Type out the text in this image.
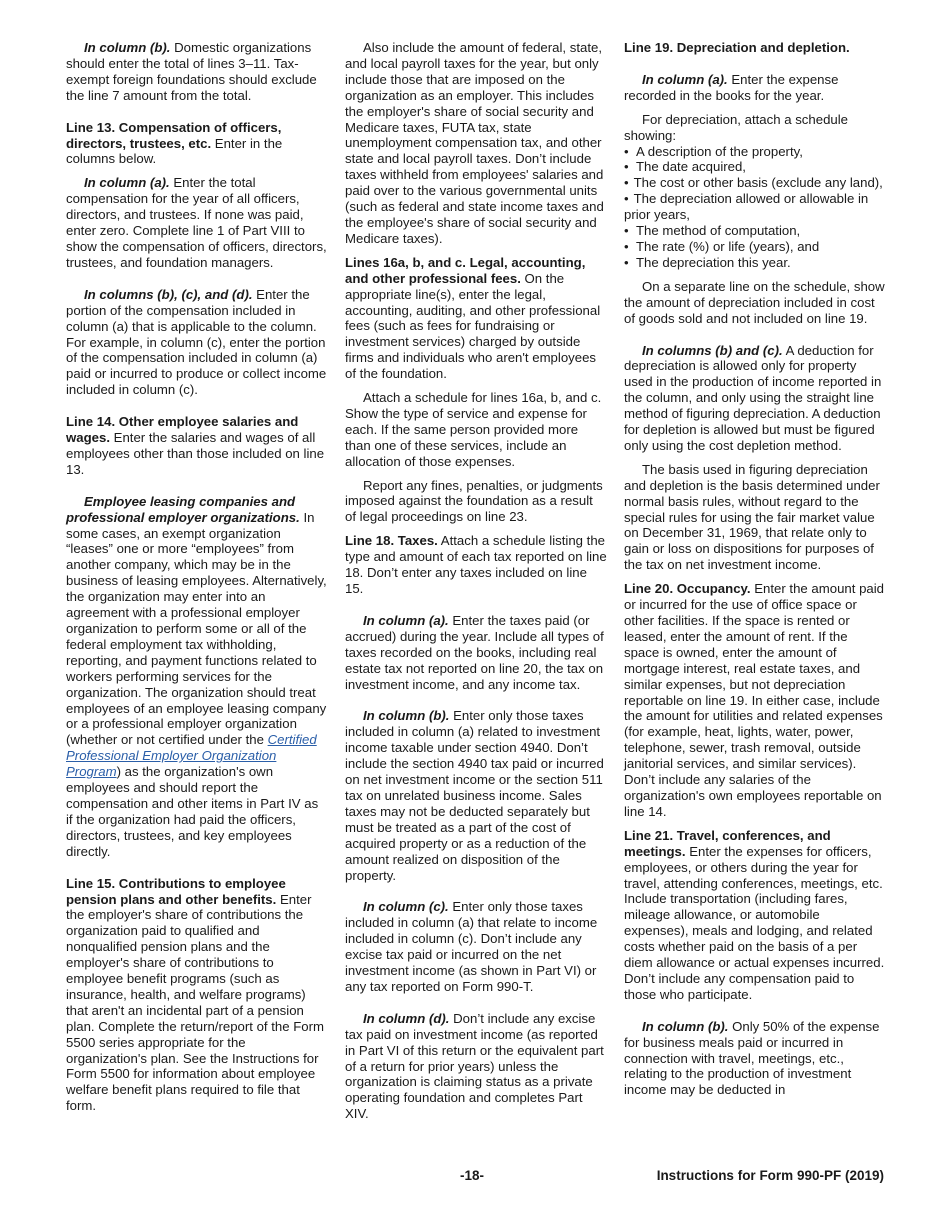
In column (b). Domestic organizations should enter the total of lines 3–11. Tax-exempt foreign foundations should exclude the line 7 amount from the total.

Line 13. Compensation of officers, directors, trustees, etc. Enter in the columns below.

In column (a). Enter the total compensation for the year of all officers, directors, and trustees. If none was paid, enter zero. Complete line 1 of Part VIII to show the compensation of officers, directors, trustees, and foundation managers.

In columns (b), (c), and (d). Enter the portion of the compensation included in column (a) that is applicable to the column. For example, in column (c), enter the portion of the compensation included in column (a) paid or incurred to produce or collect income included in column (c).

Line 14. Other employee salaries and wages. Enter the salaries and wages of all employees other than those included on line 13.

Employee leasing companies and professional employer organizations. In some cases, an exempt organization “leases” one or more “employees” from another company, which may be in the business of leasing employees. Alternatively, the organization may enter into an agreement with a professional employer organization to perform some or all of the federal employment tax withholding, reporting, and payment functions related to workers performing services for the organization. The organization should treat employees of an employee leasing company or a professional employer organization (whether or not certified under the Certified Professional Employer Organization Program) as the organization's own employees and should report the compensation and other items in Part IV as if the organization had paid the officers, directors, trustees, and key employees directly.

Line 15. Contributions to employee pension plans and other benefits. Enter the employer's share of contributions the organization paid to qualified and nonqualified pension plans and the employer's share of contributions to employee benefit programs (such as insurance, health, and welfare programs) that aren't an incidental part of a pension plan. Complete the return/report of the Form 5500 series appropriate for the organization's plan. See the Instructions for Form 5500 for information about employee welfare benefit plans required to file that form.

Also include the amount of federal, state, and local payroll taxes for the year, but only include those that are imposed on the organization as an employer. This includes the employer's share of social security and Medicare taxes, FUTA tax, state unemployment compensation tax, and other state and local payroll taxes. Don’t include taxes withheld from employees' salaries and paid over to the various governmental units (such as federal and state income taxes and the employee's share of social security and Medicare taxes).

Lines 16a, b, and c. Legal, accounting, and other professional fees. On the appropriate line(s), enter the legal, accounting, auditing, and other professional fees (such as fees for fundraising or investment services) charged by outside firms and individuals who aren't employees of the foundation.

Attach a schedule for lines 16a, b, and c. Show the type of service and expense for each. If the same person provided more than one of these services, include an allocation of those expenses.

Report any fines, penalties, or judgments imposed against the foundation as a result of legal proceedings on line 23.

Line 18. Taxes. Attach a schedule listing the type and amount of each tax reported on line 18. Don’t enter any taxes included on line 15.

In column (a). Enter the taxes paid (or accrued) during the year. Include all types of taxes recorded on the books, including real estate tax not reported on line 20, the tax on investment income, and any income tax.

In column (b). Enter only those taxes included in column (a) related to investment income taxable under section 4940. Don’t include the section 4940 tax paid or incurred on net investment income or the section 511 tax on unrelated business income. Sales taxes may not be deducted separately but must be treated as a part of the cost of acquired property or as a reduction of the amount realized on disposition of the property.

In column (c). Enter only those taxes included in column (a) that relate to income included in column (c). Don’t include any excise tax paid or incurred on the net investment income (as shown in Part VI) or any tax reported on Form 990-T.

In column (d). Don’t include any excise tax paid on investment income (as reported in Part VI of this return or the equivalent part of a return for prior years) unless the organization is claiming status as a private operating foundation and completes Part XIV.

Line 19. Depreciation and depletion.

In column (a). Enter the expense recorded in the books for the year.

For depreciation, attach a schedule showing:

• A description of the property,
• The date acquired,
• The cost or other basis (exclude any land),
• The depreciation allowed or allowable in prior years,
• The method of computation,
• The rate (%) or life (years), and
• The depreciation this year.

On a separate line on the schedule, show the amount of depreciation included in cost of goods sold and not included on line 19.

In columns (b) and (c). A deduction for depreciation is allowed only for property used in the production of income reported in the column, and only using the straight line method of figuring depreciation. A deduction for depletion is allowed but must be figured only using the cost depletion method.

The basis used in figuring depreciation and depletion is the basis determined under normal basis rules, without regard to the special rules for using the fair market value on December 31, 1969, that relate only to gain or loss on dispositions for purposes of the tax on net investment income.

Line 20. Occupancy. Enter the amount paid or incurred for the use of office space or other facilities. If the space is rented or leased, enter the amount of rent. If the space is owned, enter the amount of mortgage interest, real estate taxes, and similar expenses, but not depreciation reportable on line 19. In either case, include the amount for utilities and related expenses (for example, heat, lights, water, power, telephone, sewer, trash removal, outside janitorial services, and similar services). Don’t include any salaries of the organization's own employees reportable on line 14.

Line 21. Travel, conferences, and meetings. Enter the expenses for officers, employees, or others during the year for travel, attending conferences, meetings, etc. Include transportation (including fares, mileage allowance, or automobile expenses), meals and lodging, and related costs whether paid on the basis of a per diem allowance or actual expenses incurred. Don’t include any compensation paid to those who participate.

In column (b). Only 50% of the expense for business meals paid or incurred in connection with travel, meetings, etc., relating to the production of investment income may be deducted in

-18-	Instructions for Form 990-PF (2019)
